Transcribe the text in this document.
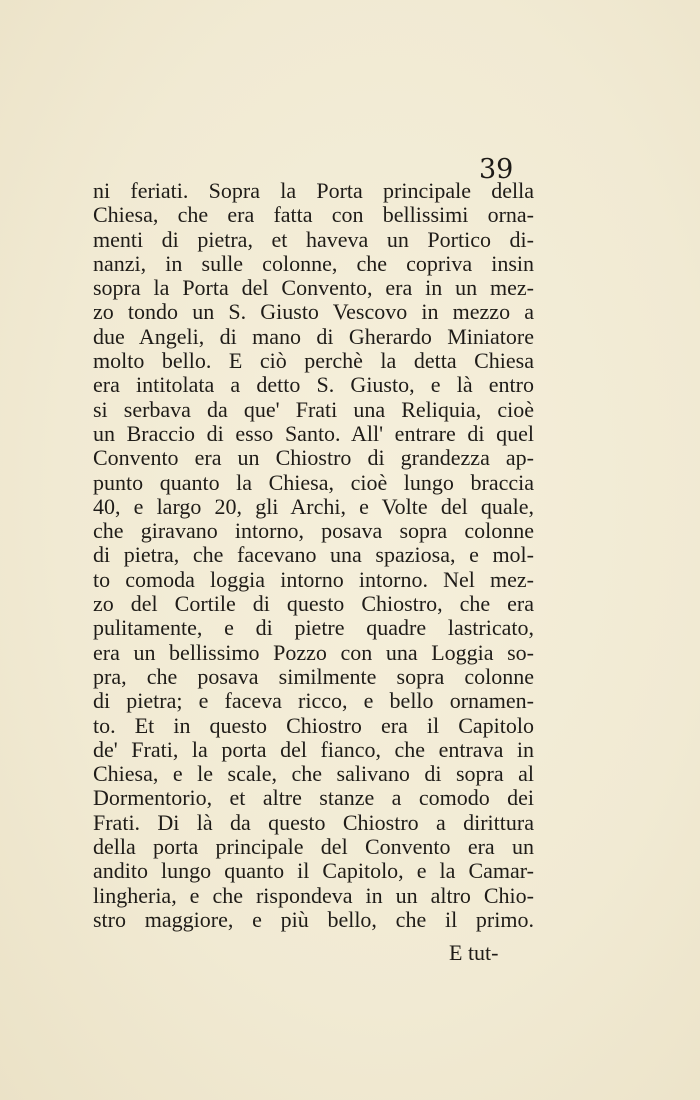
39
ni feriati. Sopra la Porta principale della
Chiesa, che era fatta con bellissimi orna-
menti di pietra, et haveva un Portico di-
nanzi, in sulle colonne, che copriva insin
sopra la Porta del Convento, era in un mez-
zo tondo un S. Giusto Vescovo in mezzo a
due Angeli, di mano di Gherardo Miniatore
molto bello. E ciò perchè la detta Chiesa
era intitolata a detto S. Giusto, e là entro
si serbava da que' Frati una Reliquia, cioè
un Braccio di esso Santo. All' entrare di quel
Convento era un Chiostro di grandezza ap-
punto quanto la Chiesa, cioè lungo braccia
40, e largo 20, gli Archi, e Volte del quale,
che giravano intorno, posava sopra colonne
di pietra, che facevano una spaziosa, e mol-
to comoda loggia intorno intorno. Nel mez-
zo del Cortile di questo Chiostro, che era
pulitamente, e di pietre quadre lastricato,
era un bellissimo Pozzo con una Loggia so-
pra, che posava similmente sopra colonne
di pietra; e faceva ricco, e bello ornamen-
to. Et in questo Chiostro era il Capitolo
de' Frati, la porta del fianco, che entrava in
Chiesa, e le scale, che salivano di sopra al
Dormentorio, et altre stanze a comodo dei
Frati. Di là da questo Chiostro a dirittura
della porta principale del Convento era un
andito lungo quanto il Capitolo, e la Camar-
lingheria, e che rispondeva in un altro Chio-
stro maggiore, e più bello, che il primo.
E tut-
